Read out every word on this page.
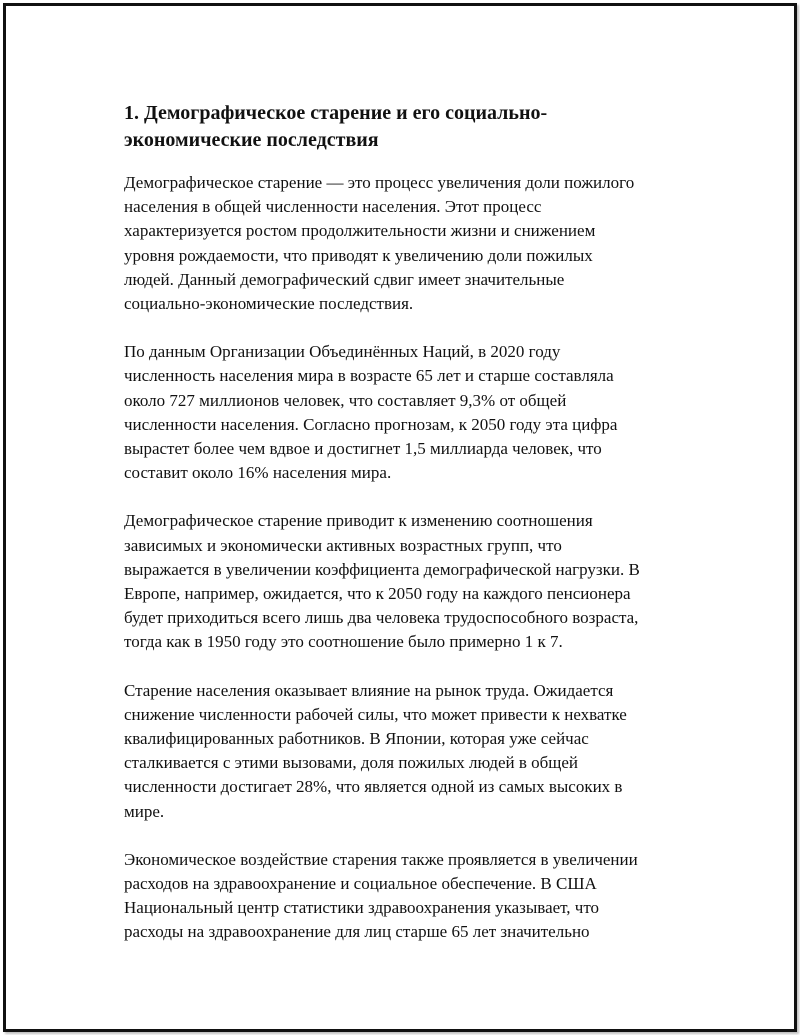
1. Демографическое старение и его социально-
экономические последствия

Демографическое старение — это процесс увеличения доли пожилого
населения в общей численности населения. Этот процесс
характеризуется ростом продолжительности жизни и снижением
уровня рождаемости, что приводят к увеличению доли пожилых
людей. Данный демографический сдвиг имеет значительные
социально-экономические последствия.

По данным Организации Объединённых Наций, в 2020 году
численность населения мира в возрасте 65 лет и старше составляла
около 727 миллионов человек, что составляет 9,3% от общей
численности населения. Согласно прогнозам, к 2050 году эта цифра
вырастет более чем вдвое и достигнет 1,5 миллиарда человек, что
составит около 16% населения мира.

Демографическое старение приводит к изменению соотношения
зависимых и экономически активных возрастных групп, что
выражается в увеличении коэффициента демографической нагрузки. В
Европе, например, ожидается, что к 2050 году на каждого пенсионера
будет приходиться всего лишь два человека трудоспособного возраста,
тогда как в 1950 году это соотношение было примерно 1 к 7.

Старение населения оказывает влияние на рынок труда. Ожидается
снижение численности рабочей силы, что может привести к нехватке
квалифицированных работников. В Японии, которая уже сейчас
сталкивается с этими вызовами, доля пожилых людей в общей
численности достигает 28%, что является одной из самых высоких в
мире.

Экономическое воздействие старения также проявляется в увеличении
расходов на здравоохранение и социальное обеспечение. В США
Национальный центр статистики здравоохранения указывает, что
расходы на здравоохранение для лиц старше 65 лет значительно
